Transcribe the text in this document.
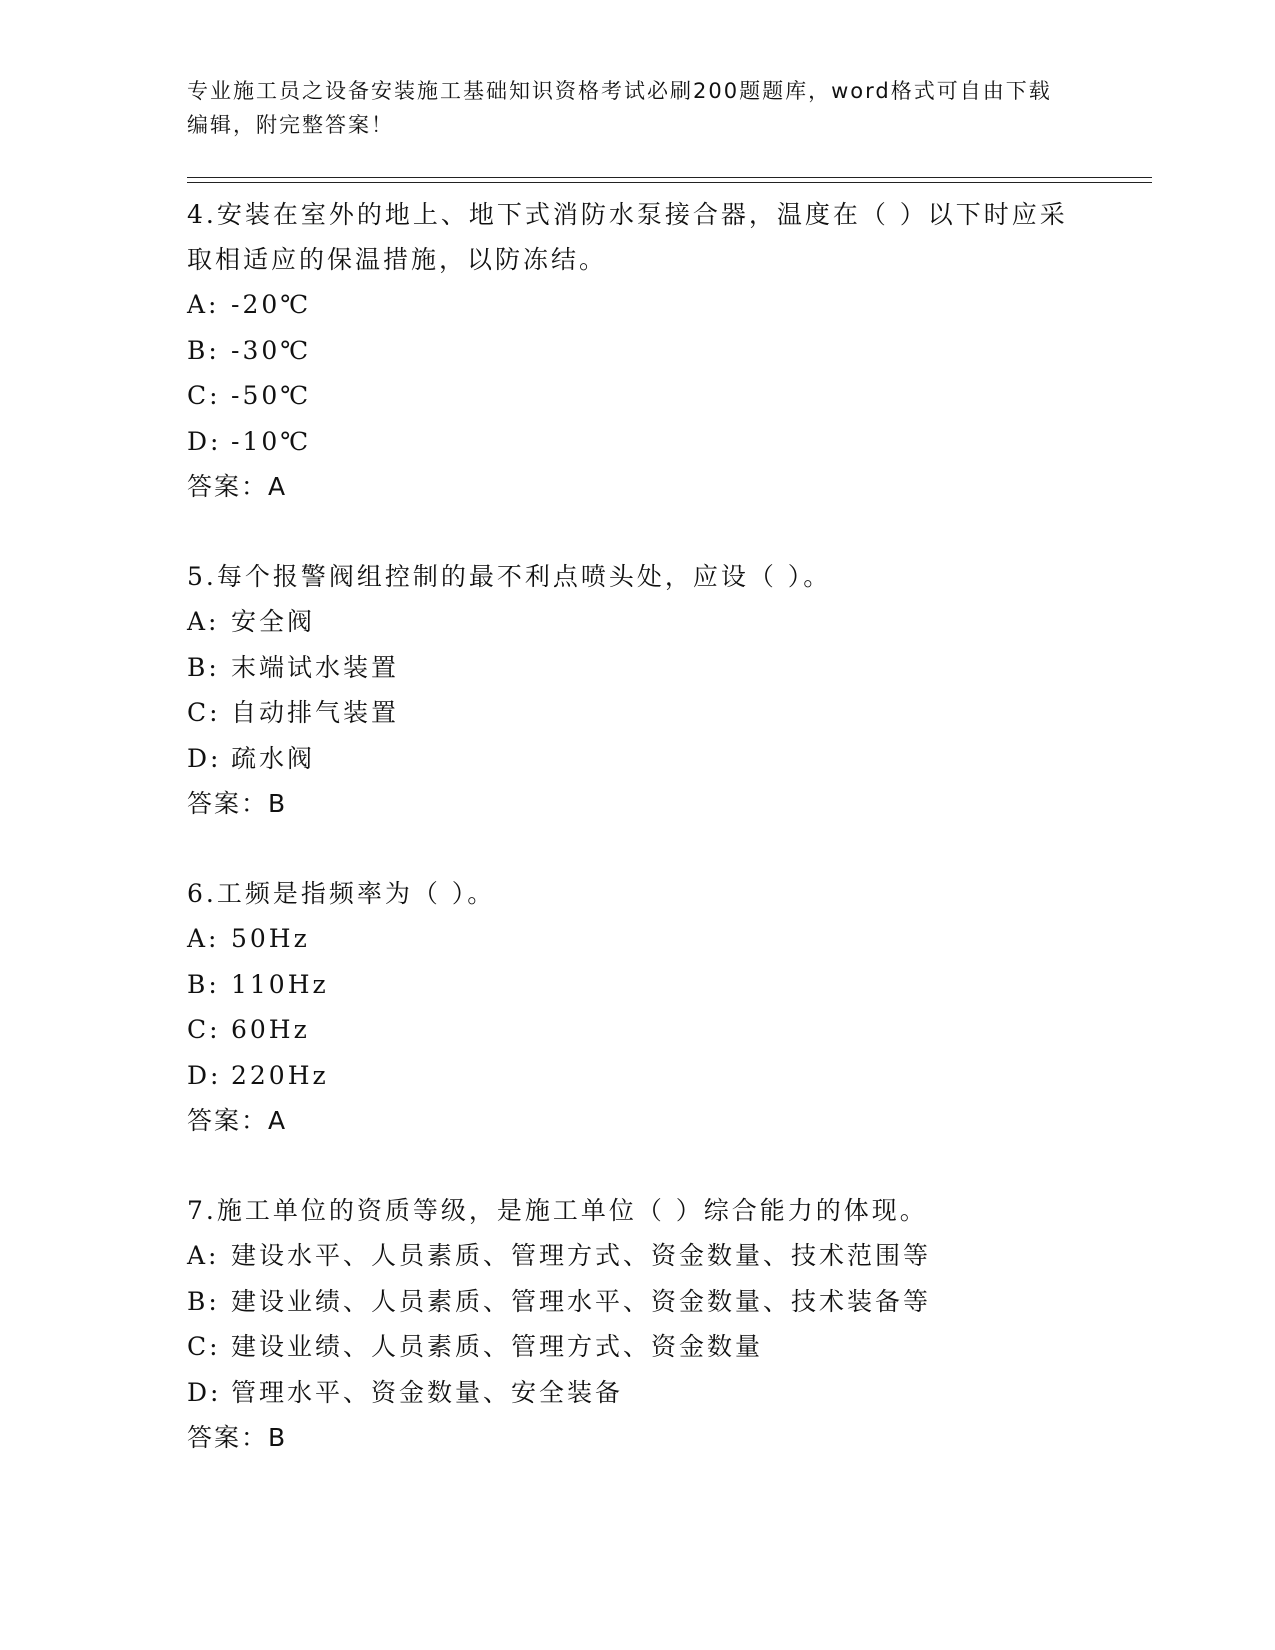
专业施工员之设备安装施工基础知识资格考试必刷200题题库，word格式可自由下载编辑，附完整答案！
4.安装在室外的地上、地下式消防水泵接合器，温度在（ ）以下时应采取相适应的保温措施，以防冻结。
A: -20℃
B: -30℃
C: -50℃
D: -10℃
答案：A
5.每个报警阀组控制的最不利点喷头处，应设（ ）。
A: 安全阀
B: 末端试水装置
C: 自动排气装置
D: 疏水阀
答案：B
6.工频是指频率为（ ）。
A: 50Hz
B: 110Hz
C: 60Hz
D: 220Hz
答案：A
7.施工单位的资质等级，是施工单位（ ）综合能力的体现。
A: 建设水平、人员素质、管理方式、资金数量、技术范围等
B: 建设业绩、人员素质、管理水平、资金数量、技术装备等
C: 建设业绩、人员素质、管理方式、资金数量
D: 管理水平、资金数量、安全装备
答案：B
